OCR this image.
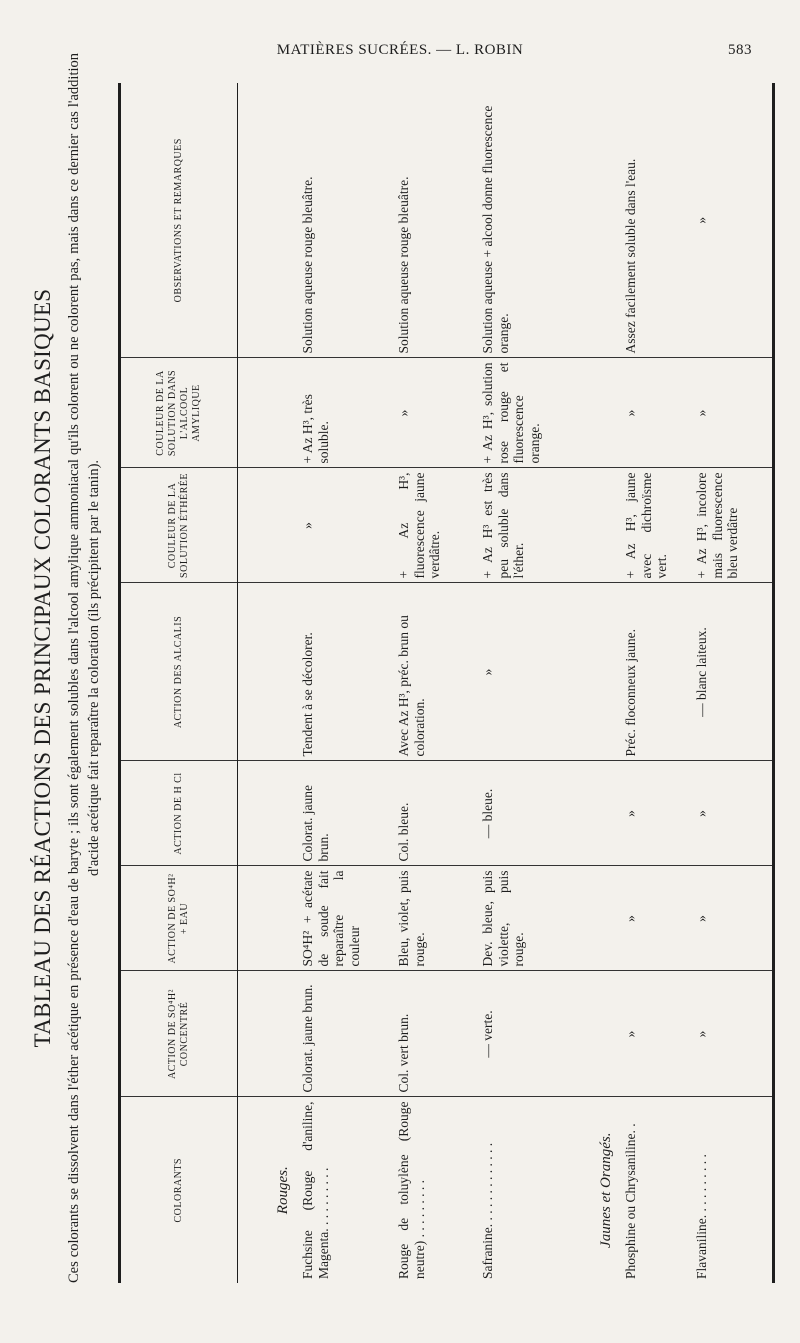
MATIÈRES SUCRÉES. — L. ROBIN	583
TABLEAU DES RÉACTIONS DES PRINCIPAUX COLORANTS BASIQUES Ces colorants se dissolvent dans l'éther acétique en présence d'eau de baryte ; ils sont également solubles dans l'alcool amylique ammoniacal qu'ils colorent ou ne colorent pas, mais dans ce dernier cas l'addition d'acide acétique fait reparaître la coloration (ils précipitent par le tanin).
COLORANTS	ACTION DE SO⁴H² CONCENTRÉ	ACTION DE SO⁴H² + EAU	ACTION DE H Cl	ACTION DES ALCALIS	COULEUR DE LA SOLUTION ÉTHÉRÉE	COULEUR DE LA SOLUTION DANS L'ALCOOL AMYLIQUE	OBSERVATIONS ET REMARQUES
Rouges.							
Fuchsine (Rouge d'aniline, Magenta. . . . . . . . . .	Colorat. jaune brun.	SO⁴H² + acétate de soude fait reparaître la couleur	Colorat. jaune brun.	Tendent à se décolorer.	»	+ Az H³, très soluble.	Solution aqueuse rouge bleuâtre.
Rouge de toluylène (Rouge neutre) . . . . . . . . .	Col. vert brun.	Bleu, violet, puis rouge.	Col. bleue.	Avec Az H³, préc. brun ou coloration.	+ Az H³, fluorescence jaune verdâtre.	»	Solution aqueuse rouge bleuâtre.
Safranine. . . . . . . . . . . . .	— verte.	Dev. bleue, puis violette, puis rouge.	— bleue.	»	+ Az H³ est très peu soluble dans l'éther.	+ Az H³, solution rose rouge et fluorescence orange.	Solution aqueuse + alcool donne fluorescence orange.
Jaunes et Orangés.							
Phosphine ou Chrysaniline. .	»	»	»	Préc. floconneux jaune.	+ Az H³, jaune avec dichroïsme vert.	»	Assez facilement soluble dans l'eau.
Flavaniline. . . . . . . . . .	»	»	»	— blanc laiteux.	+ Az H³, incolore mais fluorescence bleu verdâtre	»	»
